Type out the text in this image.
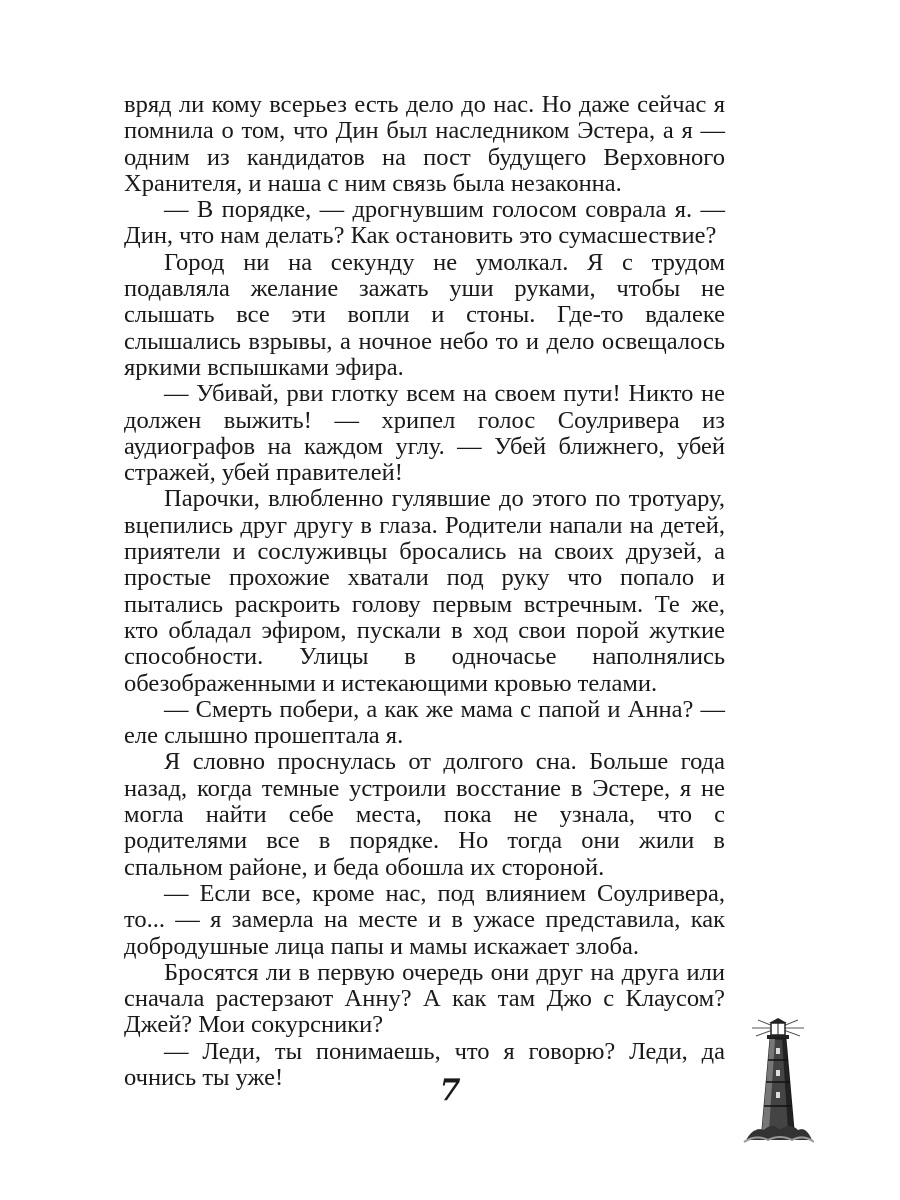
вряд ли кому всерьез есть дело до нас. Но даже сейчас я помнила о том, что Дин был наследником Эстера, а я — одним из кандидатов на пост будущего Верховного Хранителя, и наша с ним связь была незаконна.

— В порядке, — дрогнувшим голосом соврала я. — Дин, что нам делать? Как остановить это сумасшествие?

Город ни на секунду не умолкал. Я с трудом подавляла желание зажать уши руками, чтобы не слышать все эти вопли и стоны. Где-то вдалеке слышались взрывы, а ночное небо то и дело освещалось яркими вспышками эфира.

— Убивай, рви глотку всем на своем пути! Никто не должен выжить! — хрипел голос Соулривера из аудиографов на каждом углу. — Убей ближнего, убей стражей, убей правителей!

Парочки, влюбленно гулявшие до этого по тротуару, вцепились друг другу в глаза. Родители напали на детей, приятели и сослуживцы бросались на своих друзей, а простые прохожие хватали под руку что попало и пытались раскроить голову первым встречным. Те же, кто обладал эфиром, пускали в ход свои порой жуткие способности. Улицы в одночасье наполнялись обезображенными и истекающими кровью телами.

— Смерть побери, а как же мама с папой и Анна? — еле слышно прошептала я.

Я словно проснулась от долгого сна. Больше года назад, когда темные устроили восстание в Эстере, я не могла найти себе места, пока не узнала, что с родителями все в порядке. Но тогда они жили в спальном районе, и беда обошла их стороной.

— Если все, кроме нас, под влиянием Соулривера, то... — я замерла на месте и в ужасе представила, как добродушные лица папы и мамы искажает злоба.

Бросятся ли в первую очередь они друг на друга или сначала растерзают Анну? А как там Джо с Клаусом? Джей? Мои сокурсники?

— Леди, ты понимаешь, что я говорю? Леди, да очнись ты уже!	7
